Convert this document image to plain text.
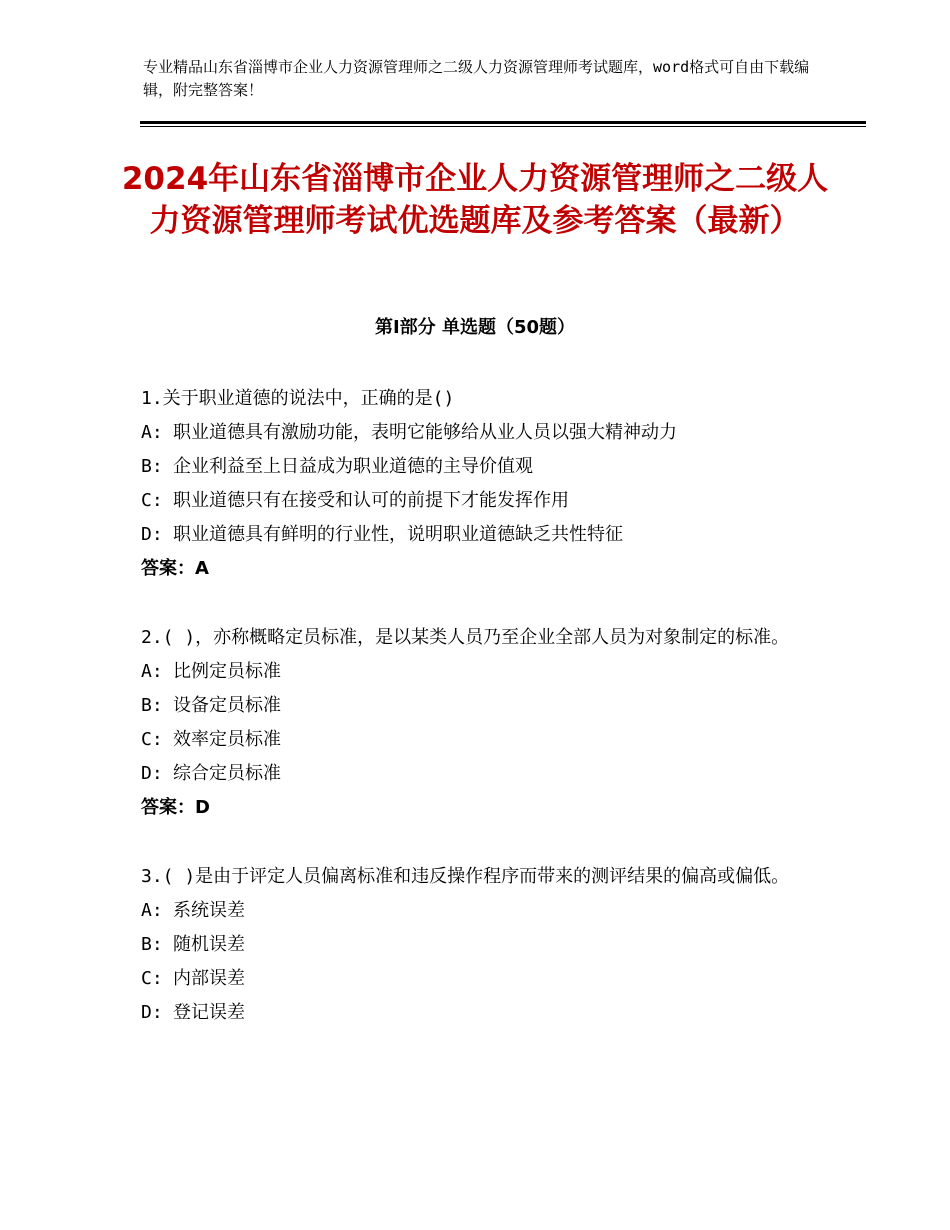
专业精品山东省淄博市企业人力资源管理师之二级人力资源管理师考试题库，word格式可自由下载编辑，附完整答案！
2024年山东省淄博市企业人力资源管理师之二级人力资源管理师考试优选题库及参考答案（最新）
第Ⅰ部分 单选题（50题）

1.关于职业道德的说法中，正确的是()

A: 职业道德具有激励功能，表明它能够给从业人员以强大精神动力

B: 企业利益至上日益成为职业道德的主导价值观

C: 职业道德只有在接受和认可的前提下才能发挥作用

D: 职业道德具有鲜明的行业性，说明职业道德缺乏共性特征

答案：A

2.( )，亦称概略定员标准，是以某类人员乃至企业全部人员为对象制定的标准。

A: 比例定员标准

B: 设备定员标准

C: 效率定员标准

D: 综合定员标准

答案：D

3.( )是由于评定人员偏离标准和违反操作程序而带来的测评结果的偏高或偏低。

A: 系统误差

B: 随机误差

C: 内部误差

D: 登记误差
